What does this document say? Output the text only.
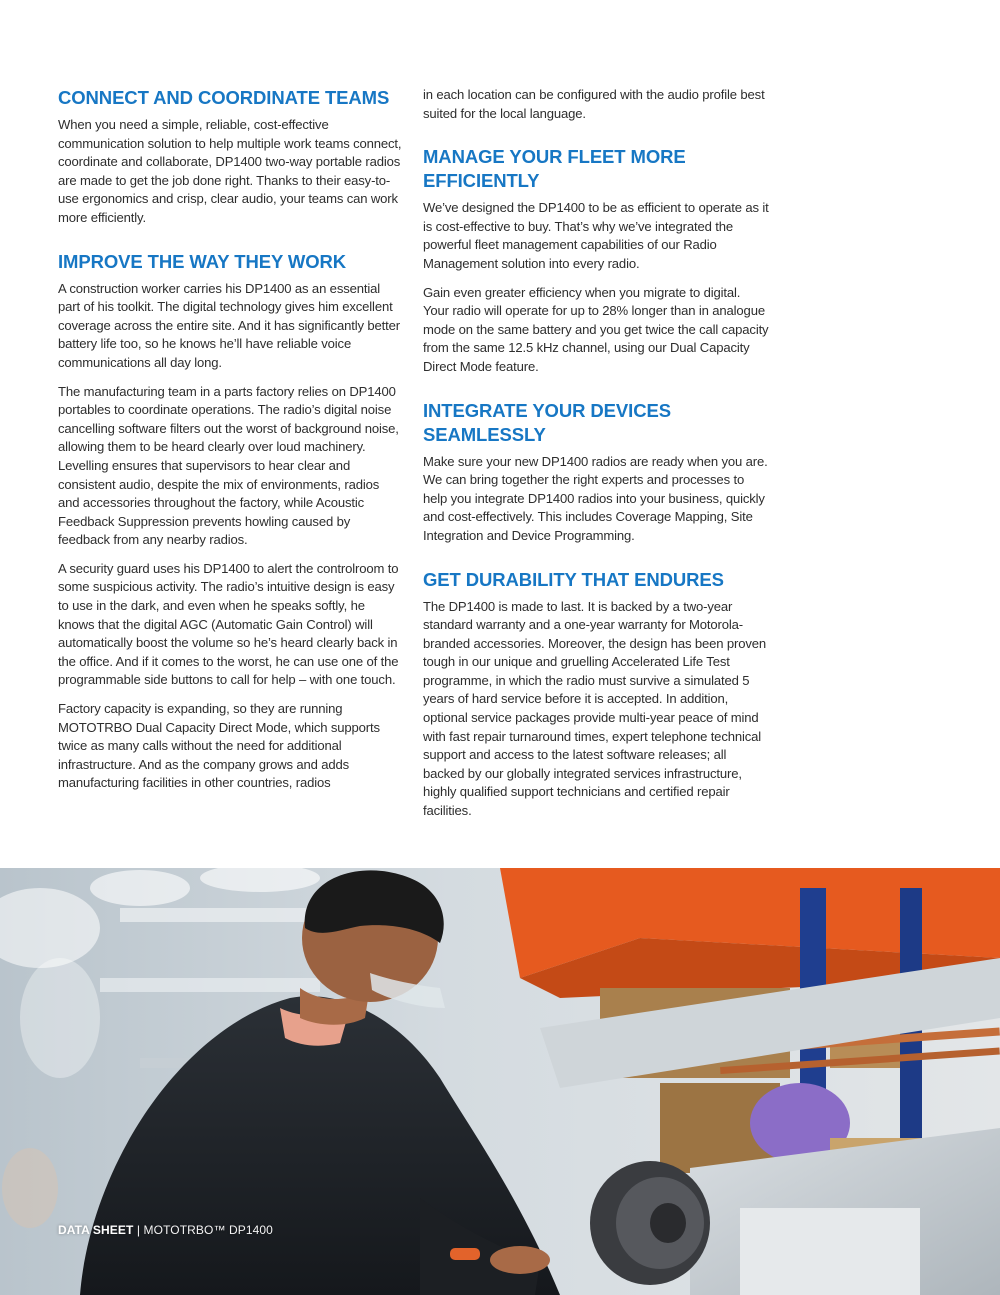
CONNECT AND COORDINATE TEAMS

When you need a simple, reliable, cost-effective communication solution to help multiple work teams connect, coordinate and collaborate, DP1400 two-way portable radios are made to get the job done right. Thanks to their easy-to-use ergonomics and crisp, clear audio, your teams can work more efficiently.

IMPROVE THE WAY THEY WORK

A construction worker carries his DP1400 as an essential part of his toolkit. The digital technology gives him excellent coverage across the entire site. And it has significantly better battery life too, so he knows he’ll have reliable voice communications all day long.

The manufacturing team in a parts factory relies on DP1400 portables to coordinate operations. The radio’s digital noise cancelling software filters out the worst of background noise, allowing them to be heard clearly over loud machinery. Levelling ensures that supervisors to hear clear and consistent audio, despite the mix of environments, radios and accessories throughout the factory, while Acoustic Feedback Suppression prevents howling caused by feedback from any nearby radios.

A security guard uses his DP1400 to alert the controlroom to some suspicious activity. The radio’s intuitive design is easy to use in the dark, and even when he speaks softly, he knows that the digital AGC (Automatic Gain Control) will automatically boost the volume so he’s heard clearly back in the office. And if it comes to the worst, he can use one of the programmable side buttons to call for help – with one touch.

Factory capacity is expanding, so they are running MOTOTRBO Dual Capacity Direct Mode, which supports twice as many calls without the need for additional infrastructure. And as the company grows and adds manufacturing facilities in other countries, radios

in each location can be configured with the audio profile best suited for the local language.

MANAGE YOUR FLEET MORE EFFICIENTLY

We’ve designed the DP1400 to be as efficient to operate as it is cost-effective to buy. That’s why we’ve integrated the powerful fleet management capabilities of our Radio Management solution into every radio.

Gain even greater efficiency when you migrate to digital. Your radio will operate for up to 28% longer than in analogue mode on the same battery and you get twice the call capacity from the same 12.5 kHz channel, using our Dual Capacity Direct Mode feature.

INTEGRATE YOUR DEVICES SEAMLESSLY

Make sure your new DP1400 radios are ready when you are. We can bring together the right experts and processes to help you integrate DP1400 radios into your business, quickly and cost-effectively. This includes Coverage Mapping, Site Integration and Device Programming.

GET DURABILITY THAT ENDURES

The DP1400 is made to last. It is backed by a two-year standard warranty and a one-year warranty for Motorola-branded accessories. Moreover, the design has been proven tough in our unique and gruelling Accelerated Life Test programme, in which the radio must survive a simulated 5 years of hard service before it is accepted. In addition, optional service packages provide multi-year peace of mind with fast repair turnaround times, expert telephone technical support and access to the latest software releases; all backed by our globally integrated services infrastructure, highly qualified support technicians and certified repair facilities.

DATA SHEET | MOTOTRBO™ DP1400
